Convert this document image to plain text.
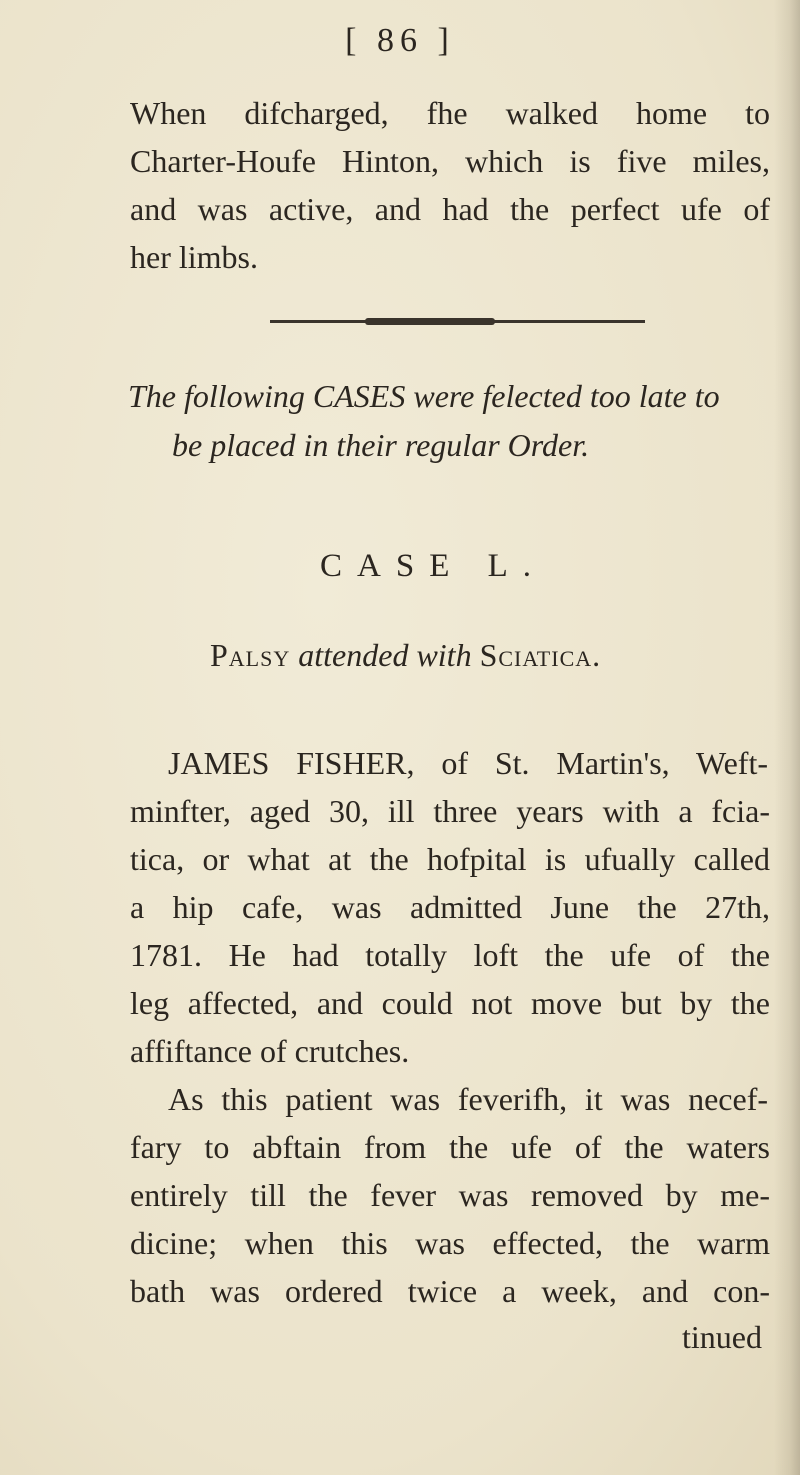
[ 86 ]
When difcharged, fhe walked home to
Charter-Houfe Hinton, which is five miles,
and was active, and had the perfect ufe of
her limbs.
The following CASES were felected too late to
be placed in their regular Order.
CASE L.
Palsy attended with Sciatica.
JAMES FISHER, of St. Martin's, Weft-
minfter, aged 30, ill three years with a fcia-
tica, or what at the hofpital is ufually called
a hip cafe, was admitted June the 27th,
1781. He had totally loft the ufe of the
leg affected, and could not move but by the
affiftance of crutches.
As this patient was feverifh, it was necef-
fary to abftain from the ufe of the waters
entirely till the fever was removed by me-
dicine; when this was effected, the warm
bath was ordered twice a week, and con-
tinued
